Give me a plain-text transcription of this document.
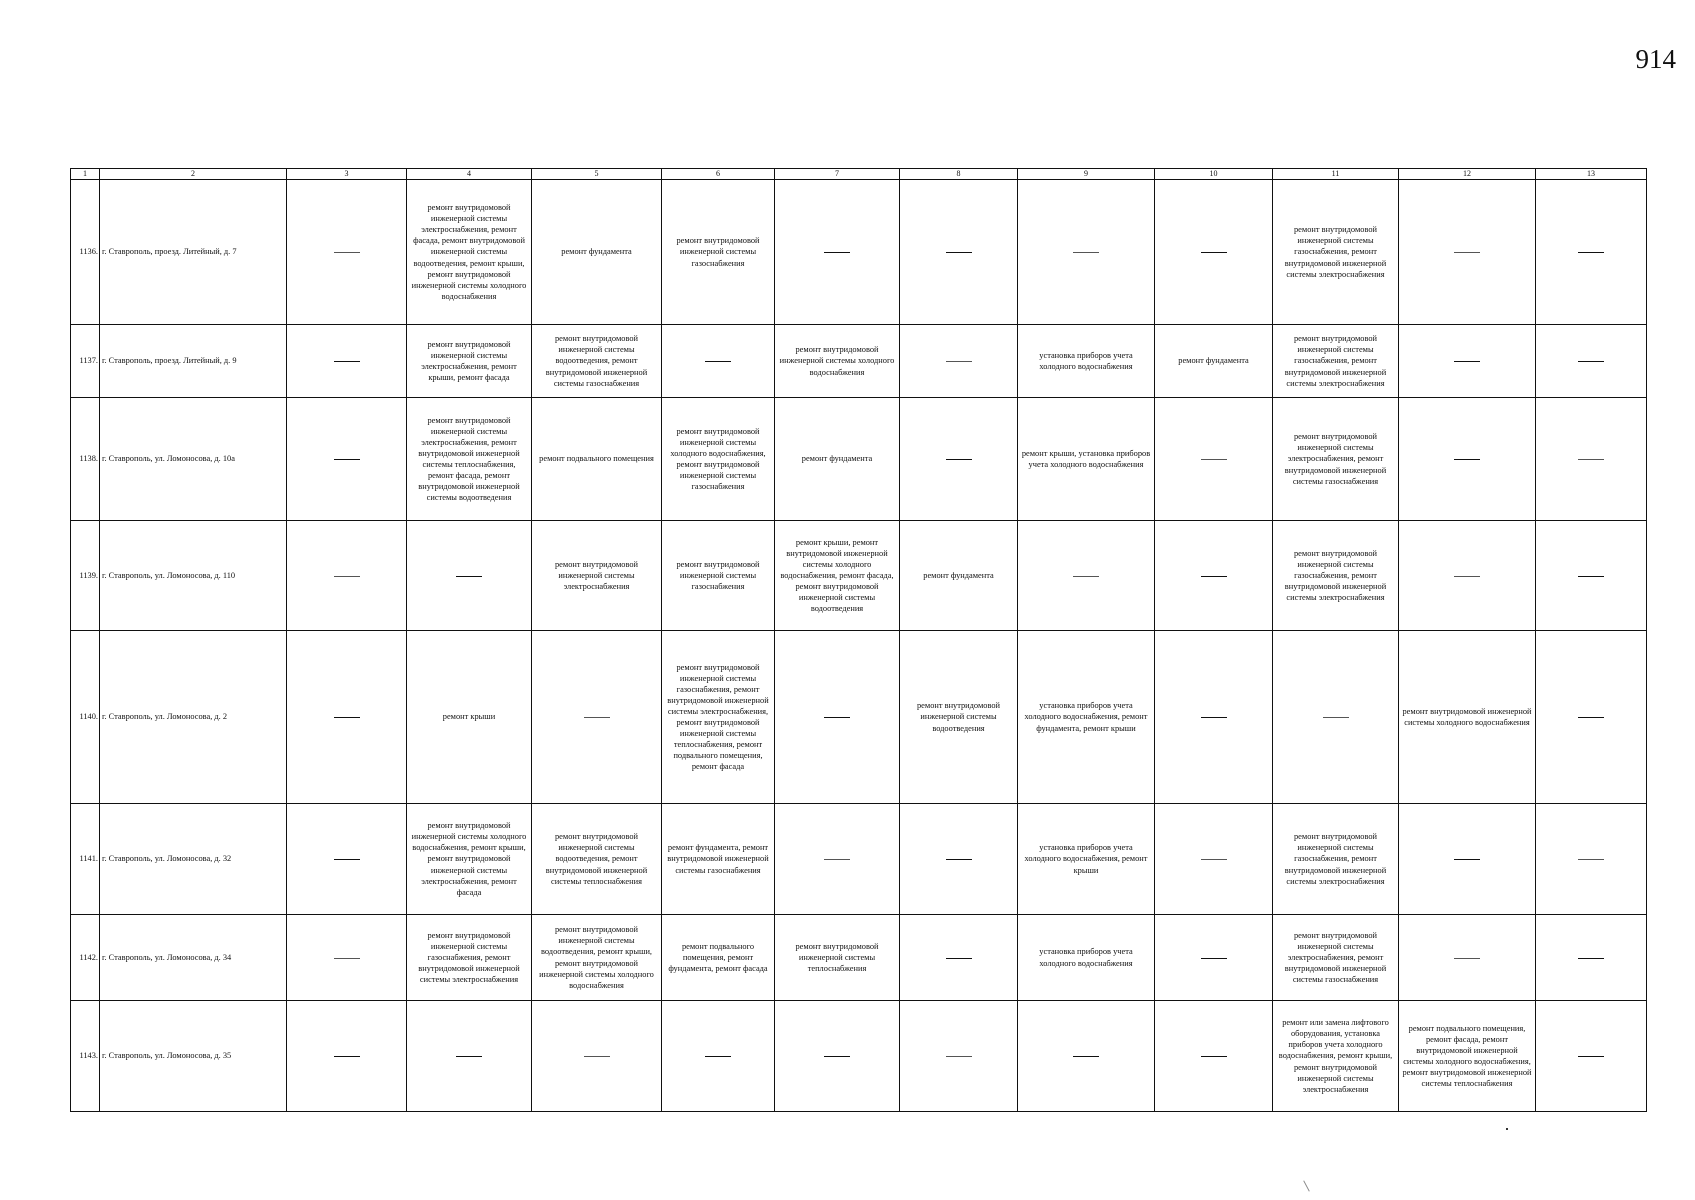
914
1	2	3	4	5	6	7	8	9	10	11	12	13
1136.	г. Ставрополь, проезд. Литейный, д. 7		ремонт внутридомовой инженерной системы электроснабжения, ремонт фасада, ремонт внутридомовой инженерной системы водоотведения, ремонт крыши, ремонт внутридомовой инженерной системы холодного водоснабжения	ремонт фундамента	ремонт внутридомовой инженерной системы газоснабжения					ремонт внутридомовой инженерной системы газоснабжения, ремонт внутридомовой инженерной системы электроснабжения		
1137.	г. Ставрополь, проезд. Литейный, д. 9		ремонт внутридомовой инженерной системы электроснабжения, ремонт крыши, ремонт фасада	ремонт внутридомовой инженерной системы водоотведения, ремонт внутридомовой инженерной системы газоснабжения		ремонт внутридомовой инженерной системы холодного водоснабжения		установка приборов учета холодного водоснабжения	ремонт фундамента	ремонт внутридомовой инженерной системы газоснабжения, ремонт внутридомовой инженерной системы электроснабжения		
1138.	г. Ставрополь, ул. Ломоносова, д. 10а		ремонт внутридомовой инженерной системы электроснабжения, ремонт внутридомовой инженерной системы теплоснабжения, ремонт фасада, ремонт внутридомовой инженерной системы водоотведения	ремонт подвального помещения	ремонт внутридомовой инженерной системы холодного водоснабжения, ремонт внутридомовой инженерной системы газоснабжения	ремонт фундамента		ремонт крыши, установка приборов учета холодного водоснабжения		ремонт внутридомовой инженерной системы электроснабжения, ремонт внутридомовой инженерной системы газоснабжения		
1139.	г. Ставрополь, ул. Ломоносова, д. 110			ремонт внутридомовой инженерной системы электроснабжения	ремонт внутридомовой инженерной системы газоснабжения	ремонт крыши, ремонт внутридомовой инженерной системы холодного водоснабжения, ремонт фасада, ремонт внутридомовой инженерной системы водоотведения	ремонт фундамента			ремонт внутридомовой инженерной системы газоснабжения, ремонт внутридомовой инженерной системы электроснабжения		
1140.	г. Ставрополь, ул. Ломоносова, д. 2		ремонт крыши		ремонт внутридомовой инженерной системы газоснабжения, ремонт внутридомовой инженерной системы электроснабжения, ремонт внутридомовой инженерной системы теплоснабжения, ремонт подвального помещения, ремонт фасада		ремонт внутридомовой инженерной системы водоотведения	установка приборов учета холодного водоснабжения, ремонт фундамента, ремонт крыши			ремонт внутридомовой инженерной системы холодного водоснабжения	
1141.	г. Ставрополь, ул. Ломоносова, д. 32		ремонт внутридомовой инженерной системы холодного водоснабжения, ремонт крыши, ремонт внутридомовой инженерной системы электроснабжения, ремонт фасада	ремонт внутридомовой инженерной системы водоотведения, ремонт внутридомовой инженерной системы теплоснабжения	ремонт фундамента, ремонт внутридомовой инженерной системы газоснабжения			установка приборов учета холодного водоснабжения, ремонт крыши		ремонт внутридомовой инженерной системы газоснабжения, ремонт внутридомовой инженерной системы электроснабжения		
1142.	г. Ставрополь, ул. Ломоносова, д. 34		ремонт внутридомовой инженерной системы газоснабжения, ремонт внутридомовой инженерной системы электроснабжения	ремонт внутридомовой инженерной системы водоотведения, ремонт крыши, ремонт внутридомовой инженерной системы холодного водоснабжения	ремонт подвального помещения, ремонт фундамента, ремонт фасада	ремонт внутридомовой инженерной системы теплоснабжения		установка приборов учета холодного водоснабжения		ремонт внутридомовой инженерной системы электроснабжения, ремонт внутридомовой инженерной системы газоснабжения		
1143.	г. Ставрополь, ул. Ломоносова, д. 35									ремонт или замена лифтового оборудования, установка приборов учета холодного водоснабжения, ремонт крыши, ремонт внутридомовой инженерной системы электроснабжения	ремонт подвального помещения, ремонт фасада, ремонт внутридомовой инженерной системы холодного водоснабжения, ремонт внутридомовой инженерной системы теплоснабжения	
